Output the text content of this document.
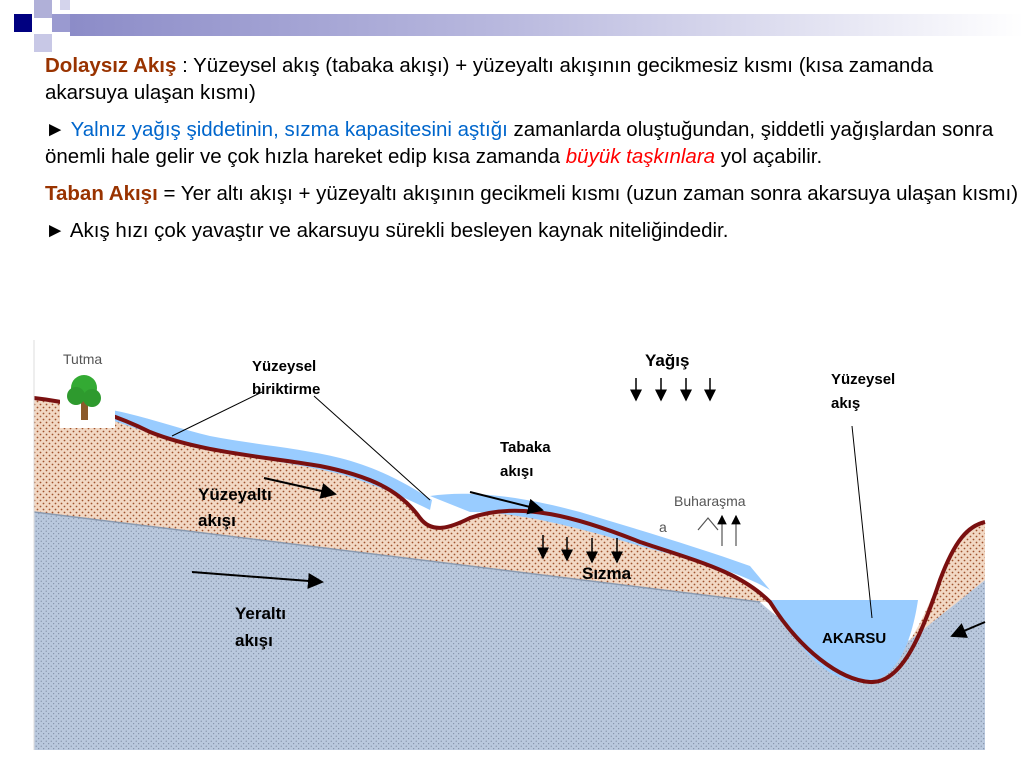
Dolaysız Akış : Yüzeysel akış (tabaka akışı) + yüzeyaltı akışının gecikmesiz kısmı (kısa zamanda akarsuya ulaşan kısmı)

► Yalnız yağış şiddetinin, sızma kapasitesini aştığı zamanlarda oluştuğundan, şiddetli yağışlardan sonra önemli hale gelir ve çok hızla hareket edip kısa zamanda büyük taşkınlara yol açabilir.

Taban Akışı = Yer altı akışı + yüzeyaltı akışının gecikmeli kısmı (uzun zaman sonra akarsuya ulaşan kısmı)

► Akış hızı çok yavaştır ve akarsuyu sürekli besleyen kaynak niteliğindedir.

Tutma	Yüzeysel
biriktirme
Yağış
Yüzeysel
akış
Tabaka
akışı
Buharaşma
a
Yüzeyaltı
akışı
Sızma
Yeraltı
akışı	AKARSU
